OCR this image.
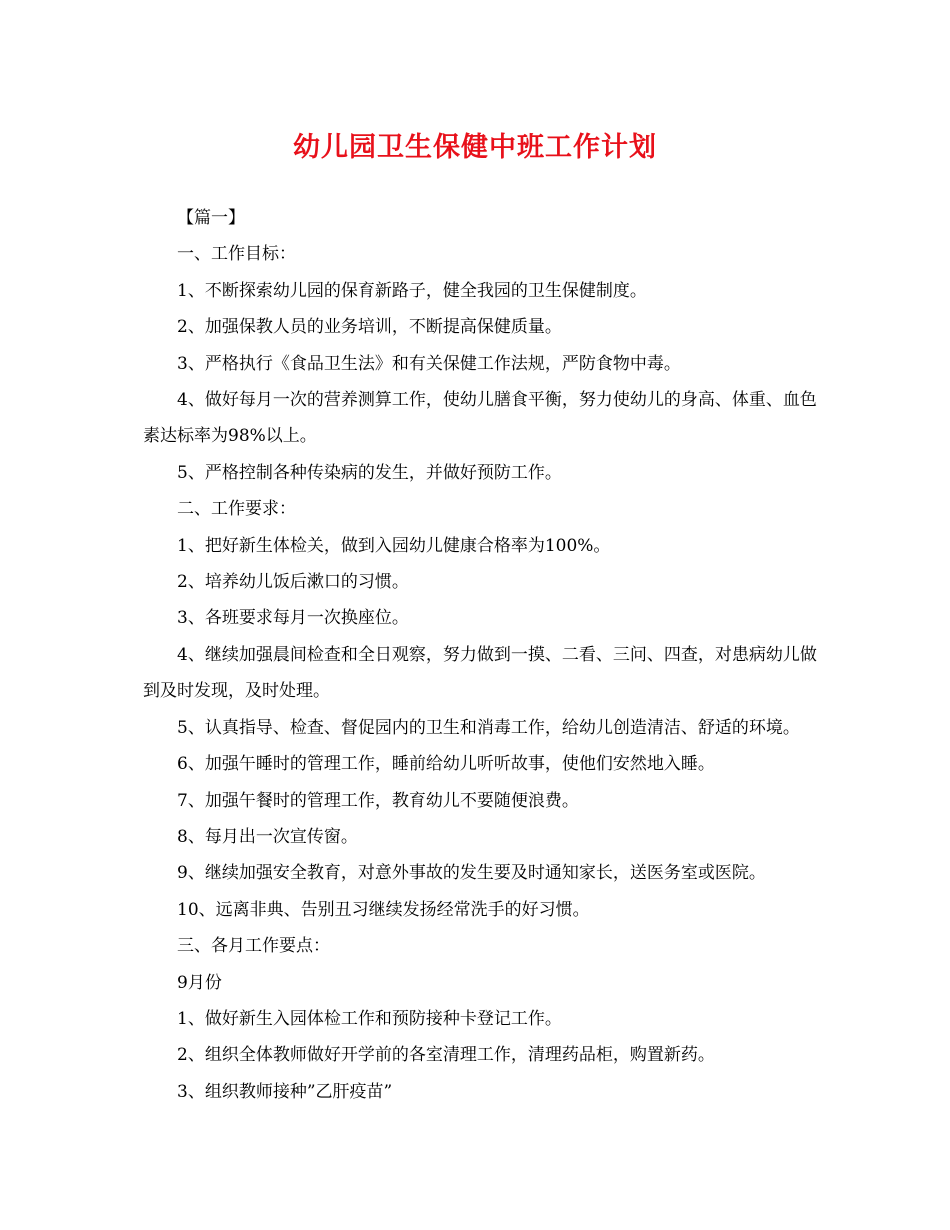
幼儿园卫生保健中班工作计划

【篇一】

一、工作目标：

1、不断探索幼儿园的保育新路子，健全我园的卫生保健制度。

2、加强保教人员的业务培训，不断提高保健质量。

3、严格执行《食品卫生法》和有关保健工作法规，严防食物中毒。

4、做好每月一次的营养测算工作，使幼儿膳食平衡，努力使幼儿的身高、体重、血色素达标率为98%以上。

5、严格控制各种传染病的发生，并做好预防工作。

二、工作要求：

1、把好新生体检关，做到入园幼儿健康合格率为100%。

2、培养幼儿饭后漱口的习惯。

3、各班要求每月一次换座位。

4、继续加强晨间检查和全日观察，努力做到一摸、二看、三问、四查，对患病幼儿做到及时发现，及时处理。

5、认真指导、检查、督促园内的卫生和消毒工作，给幼儿创造清洁、舒适的环境。

6、加强午睡时的管理工作，睡前给幼儿听听故事，使他们安然地入睡。

7、加强午餐时的管理工作，教育幼儿不要随便浪费。

8、每月出一次宣传窗。

9、继续加强安全教育，对意外事故的发生要及时通知家长，送医务室或医院。

10、远离非典、告别丑习继续发扬经常洗手的好习惯。

三、各月工作要点：

9月份

1、做好新生入园体检工作和预防接种卡登记工作。

2、组织全体教师做好开学前的各室清理工作，清理药品柜，购置新药。

3、组织教师接种”乙肝疫苗”
